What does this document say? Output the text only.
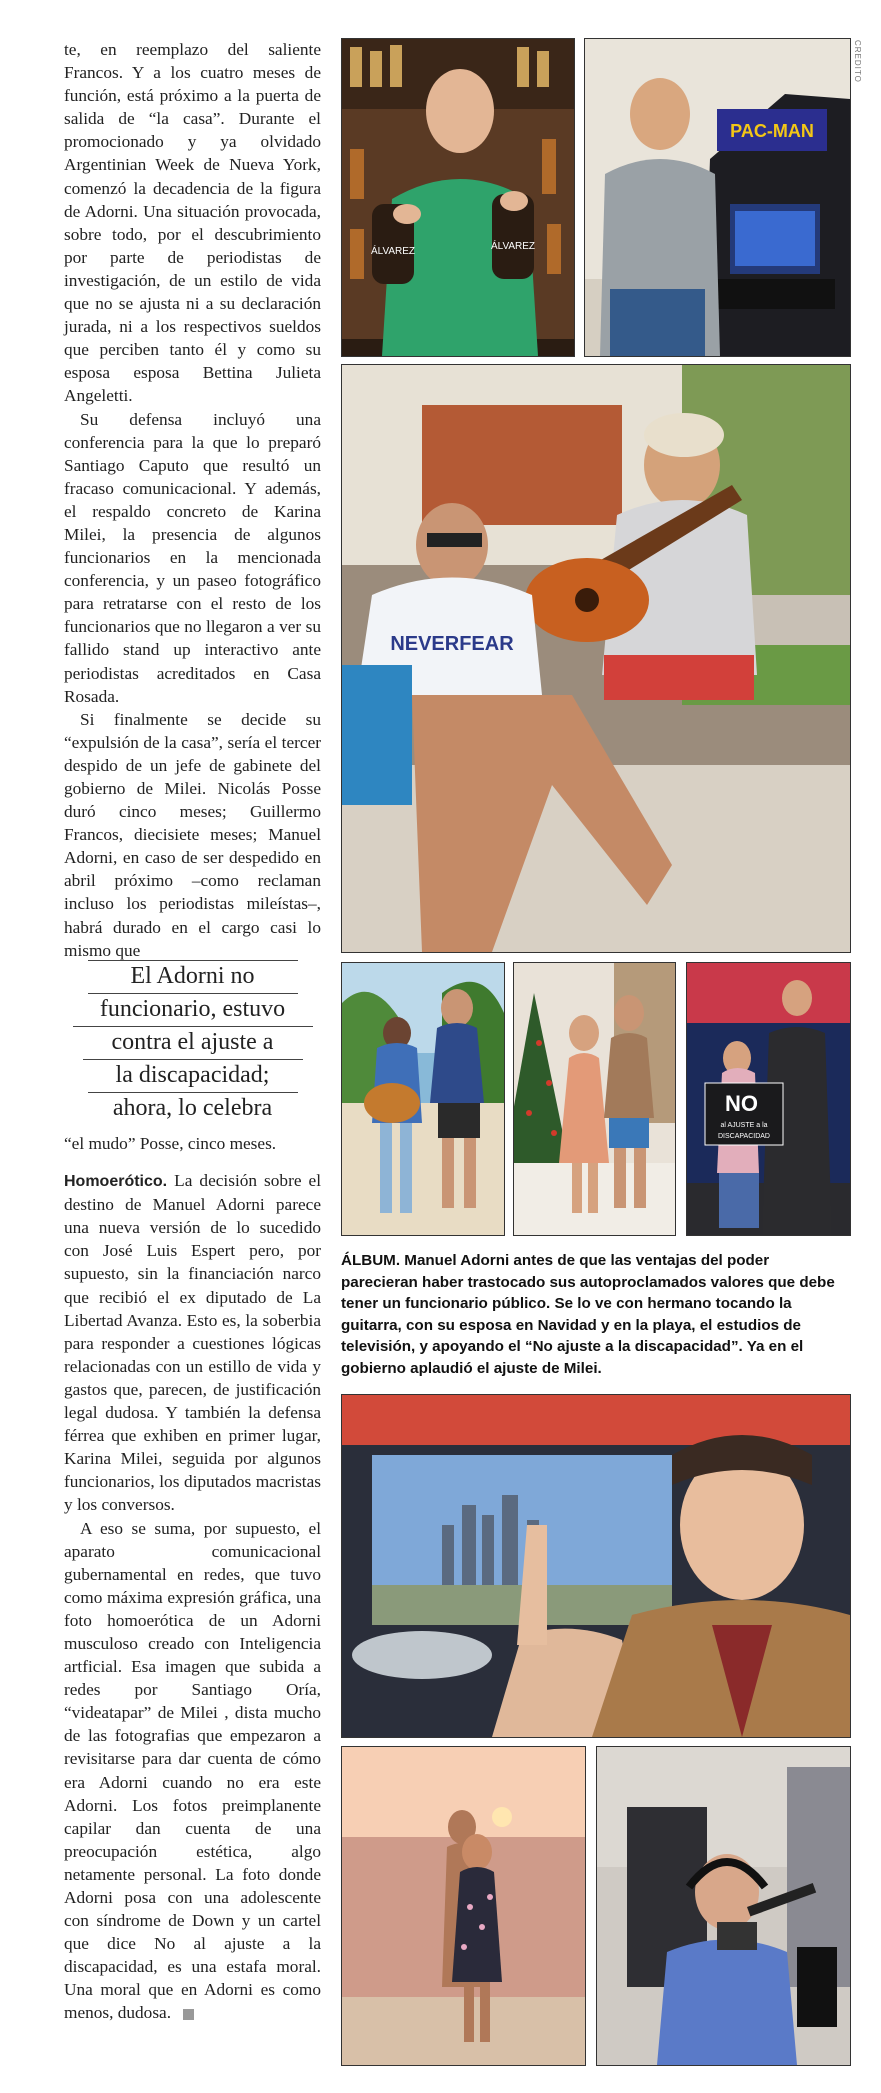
CREDITO

te, en reemplazo del saliente Francos. Y a los cuatro meses de función, está próximo a la puerta de salida de “la casa”. Durante el promocionado y ya olvidado Argentinian Week de Nueva York, comenzó la decadencia de la figura de Adorni. Una situación provocada, sobre todo, por el descubrimiento por parte de periodistas de investigación, de un estilo de vida que no se ajusta ni a su declaración jurada, ni a los respectivos sueldos que perciben tanto él y como su esposa esposa Bettina Julieta Angeletti.

Su defensa incluyó una conferencia para la que lo preparó Santiago Caputo que resultó un fracaso comunicacional. Y además, el respaldo concreto de Karina Milei, la presencia de algunos funcionarios en la mencionada conferencia, y un paseo fotográfico para retratarse con el resto de los funcionarios que no llegaron a ver su fallido stand up interactivo ante periodistas acreditados en Casa Rosada.

Si finalmente se decide su “expulsión de la casa”, sería el tercer despido de un jefe de gabinete del gobierno de Milei. Nicolás Posse duró cinco meses; Guillermo Francos, diecisiete meses; Manuel Adorni, en caso de ser despedido en abril próximo –como reclaman incluso los periodistas mileístas–, habrá durado en el cargo casi lo mismo que

El Adorni no
funcionario, estuvo
contra el ajuste a
la discapacidad;
ahora, lo celebra

“el mudo” Posse, cinco meses.

Homoerótico. La decisión sobre el destino de Manuel Adorni parece una nueva versión de lo sucedido con José Luis Espert pero, por supuesto, sin la financiación narco que recibió el ex diputado de La Libertad Avanza. Esto es, la soberbia para responder a cuestiones lógicas relacionadas con un estillo de vida y gastos que, parecen, de justificación legal dudosa. Y también la defensa férrea que exhiben en primer lugar, Karina Milei, seguida por algunos funcionarios, los diputados macristas y los conversos.

A eso se suma, por supuesto, el aparato comunicacional gubernamental en redes, que tuvo como máxima expresión gráfica, una foto homoerótica de un Adorni musculoso creado con Inteligencia artficial. Esa imagen que subida a redes por Santiago Oría, “videatapar” de Milei , dista mucho de las fotografias que empezaron a revisitarse para dar cuenta de cómo era Adorni cuando no era este Adorni. Los fotos preimplanente capilar dan cuenta de una preocupación estética, algo netamente personal. La foto donde Adorni posa con una adolescente con síndrome de Down y un cartel que dice No al ajuste a la discapacidad, es una estafa moral. Una moral que en Adorni es como menos, dudosa.

ÁLVAREZ	ÁLVAREZ
PAC-MAN
NEVERFEAR
NO
al AJUSTE a la
DISCAPACIDAD
ÁLBUM. Manuel Adorni antes de que las ventajas del poder parecieran haber trastocado sus autoproclamados valores que debe tener un funcionario público. Se lo ve con hermano tocando la guitarra, con su esposa en Navidad y en la playa, el estudios de televisión, y apoyando el “No ajuste a la discapacidad”. Ya en el gobierno aplaudió el ajuste de Milei.
